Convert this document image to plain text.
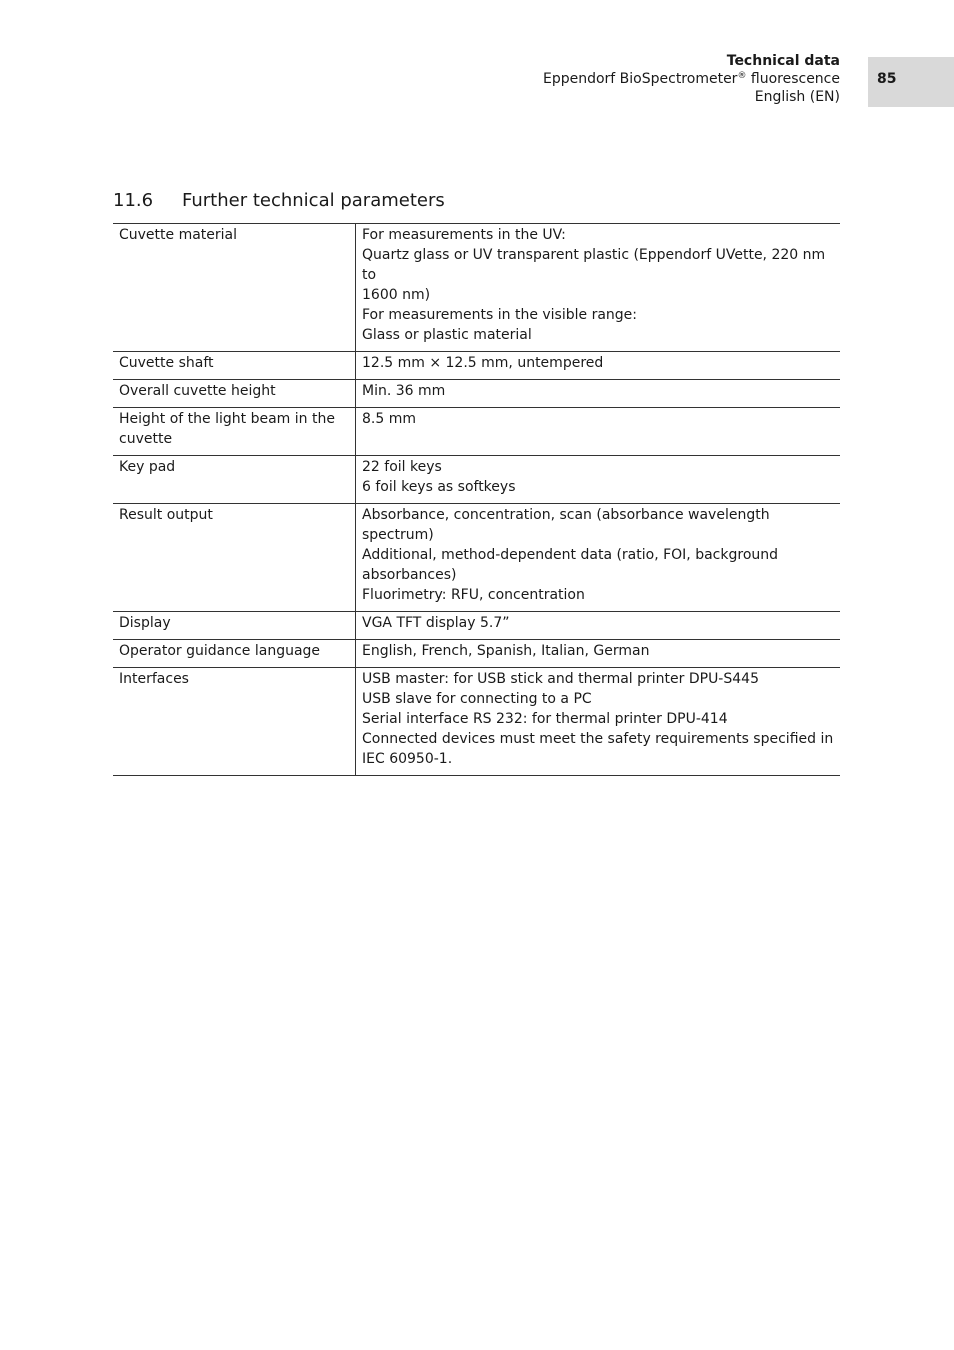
Technical data
Eppendorf BioSpectrometer® fluorescence
English (EN)
85
11.6 Further technical parameters
Cuvette material	For measurements in the UV:
Quartz glass or UV transparent plastic (Eppendorf UVette, 220 nm to
1600 nm)
For measurements in the visible range:
Glass or plastic material

Cuvette shaft	12.5 mm × 12.5 mm, untempered

Overall cuvette height	Min. 36 mm

Height of the light beam in the
cuvette	8.5 mm

Key pad	22 foil keys
6 foil keys as softkeys

Result output	Absorbance, concentration, scan (absorbance wavelength spectrum)
Additional, method-dependent data (ratio, FOI, background
absorbances)
Fluorimetry: RFU, concentration

Display	VGA TFT display 5.7”

Operator guidance language	English, French, Spanish, Italian, German

Interfaces	USB master: for USB stick and thermal printer DPU-S445
USB slave for connecting to a PC
Serial interface RS 232: for thermal printer DPU-414
Connected devices must meet the safety requirements specified in
IEC 60950-1.
